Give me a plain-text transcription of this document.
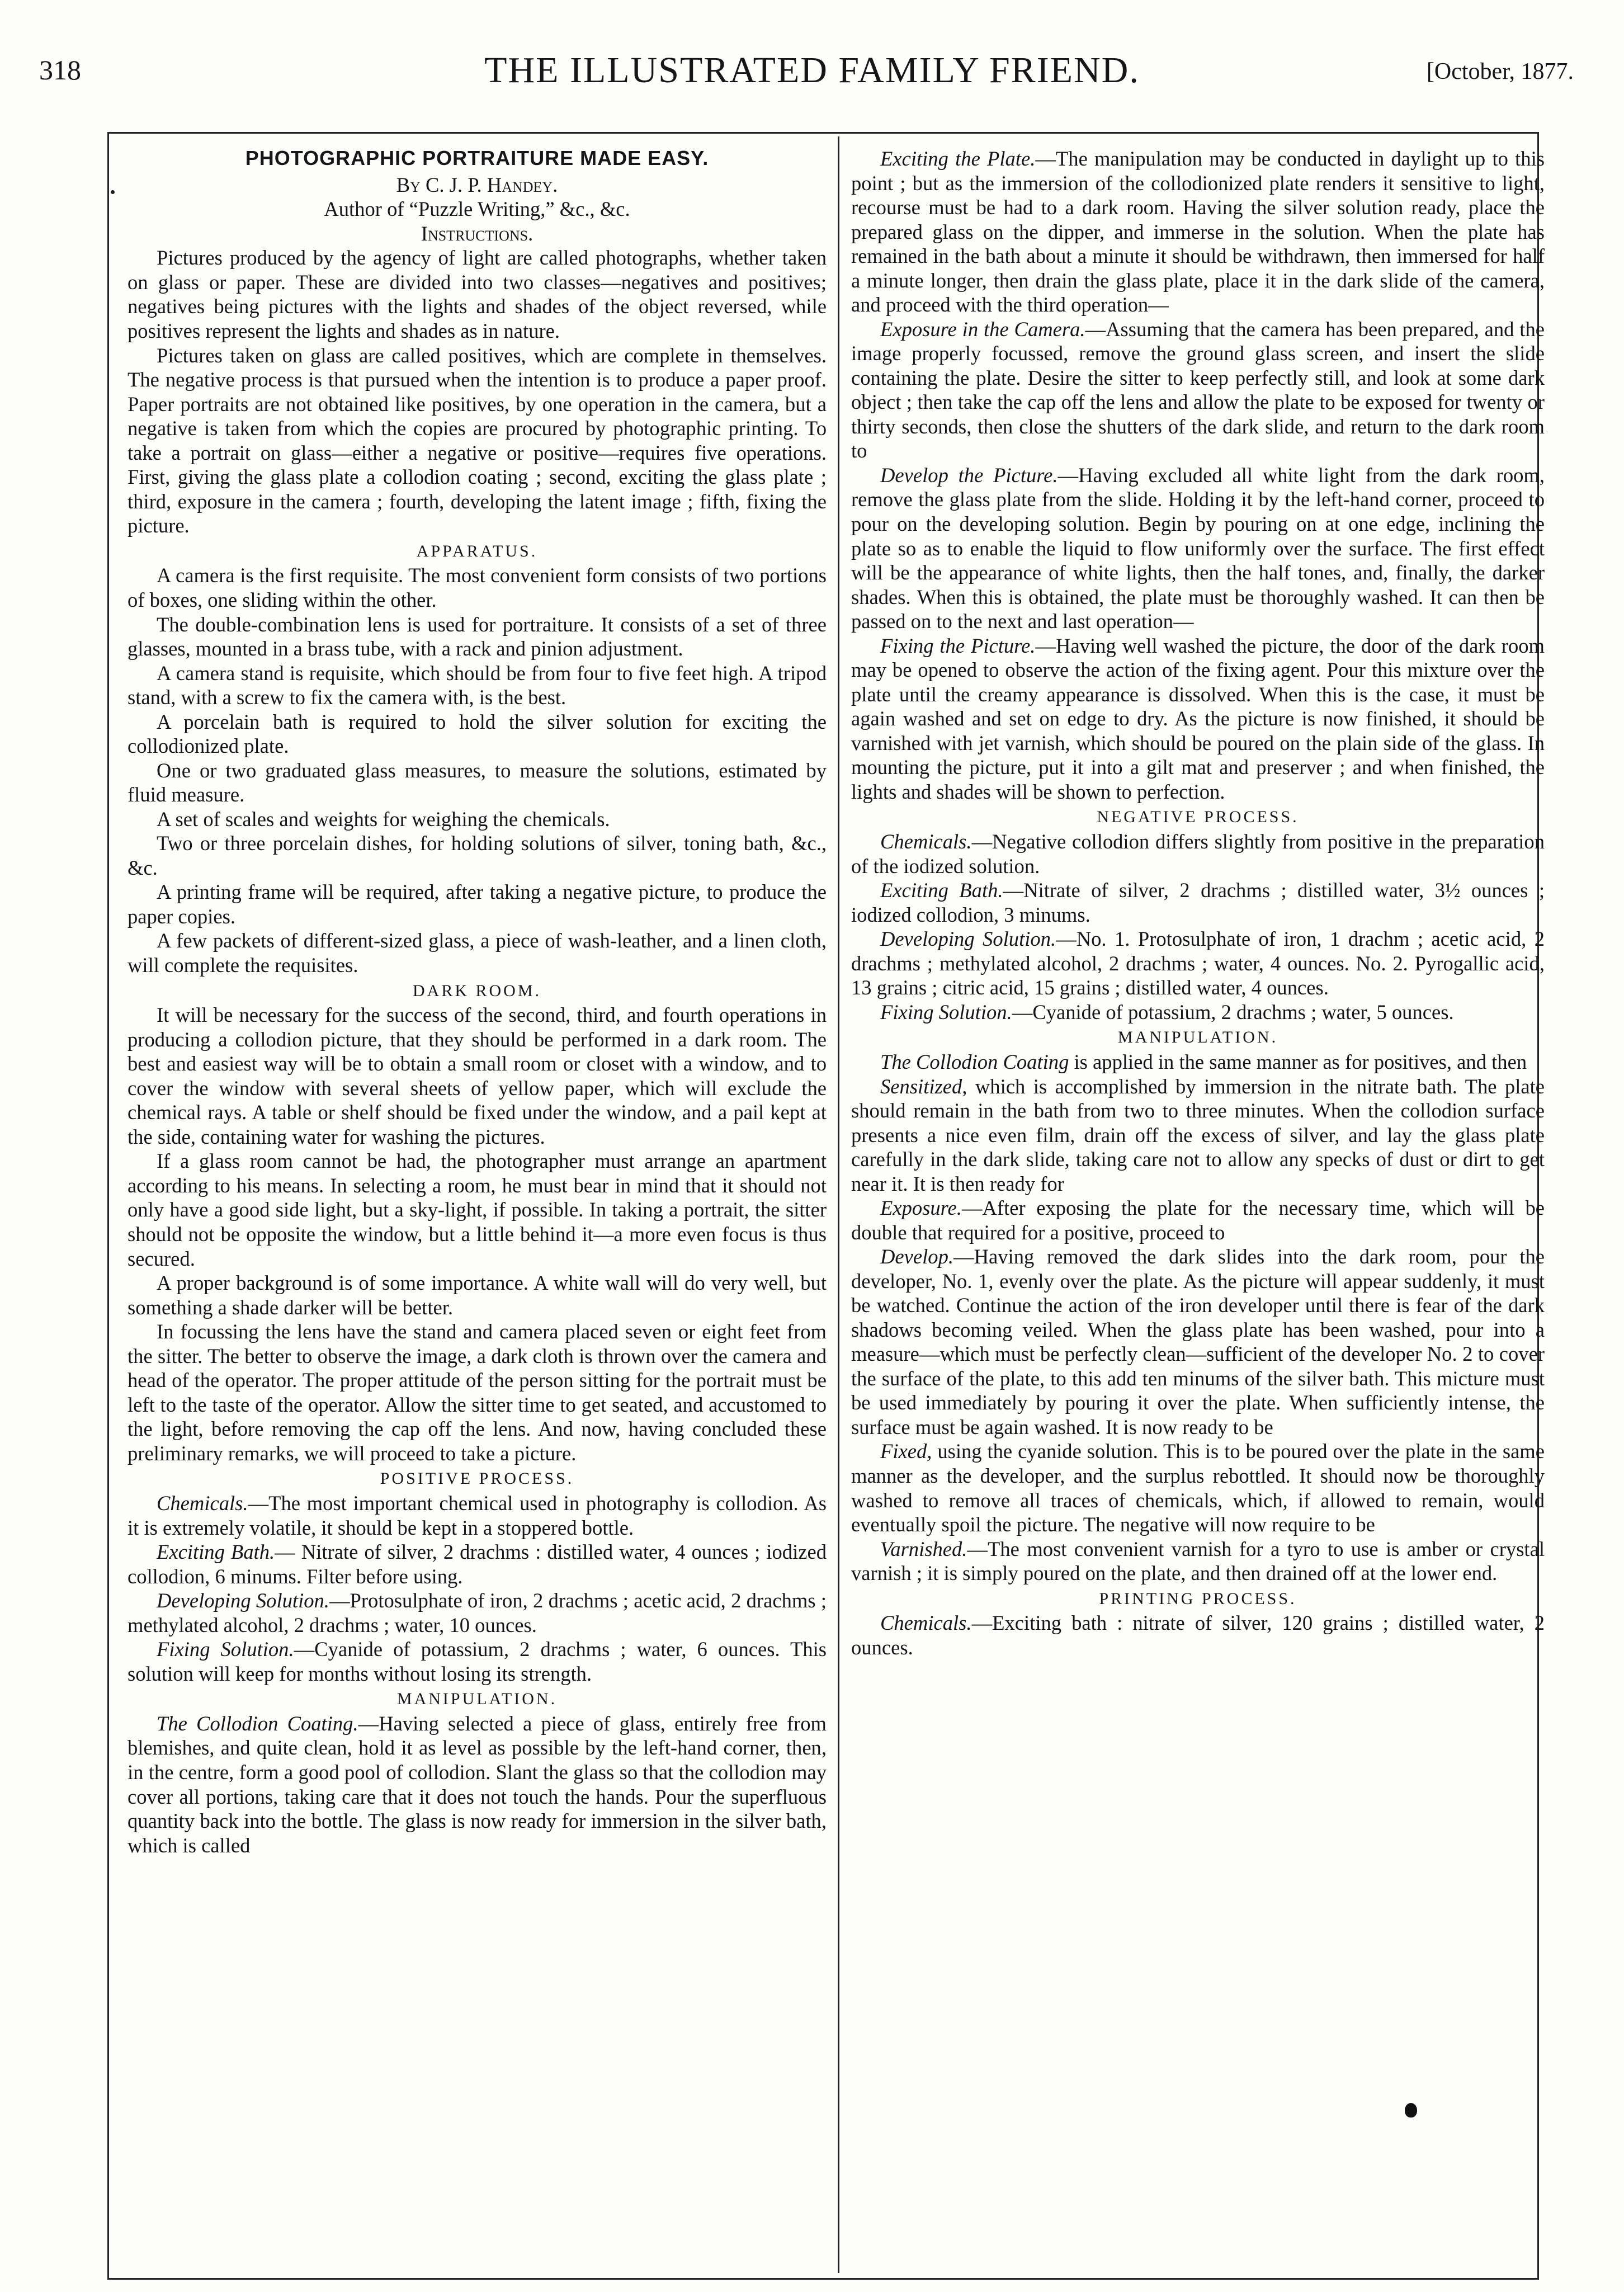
318	THE ILLUSTRATED FAMILY FRIEND.	[October, 1877.
PHOTOGRAPHIC PORTRAITURE MADE EASY.

By C. J. P. Handey.

Author of “Puzzle Writing,” &c., &c.

Instructions.

Pictures produced by the agency of light are called photographs, whether taken on glass or paper. These are divided into two classes—negatives and positives; negatives being pictures with the lights and shades of the object reversed, while positives represent the lights and shades as in nature.

Pictures taken on glass are called positives, which are complete in themselves. The negative process is that pursued when the intention is to produce a paper proof. Paper portraits are not obtained like positives, by one operation in the camera, but a negative is taken from which the copies are procured by photographic printing. To take a portrait on glass—either a negative or positive—requires five operations. First, giving the glass plate a collodion coating ; second, exciting the glass plate ; third, exposure in the camera ; fourth, developing the latent image ; fifth, fixing the picture.

APPARATUS.

A camera is the first requisite. The most convenient form consists of two portions of boxes, one sliding within the other.

The double-combination lens is used for portraiture. It consists of a set of three glasses, mounted in a brass tube, with a rack and pinion adjustment.

A camera stand is requisite, which should be from four to five feet high. A tripod stand, with a screw to fix the camera with, is the best.

A porcelain bath is required to hold the silver solution for exciting the collodionized plate.

One or two graduated glass measures, to measure the solutions, estimated by fluid measure.

A set of scales and weights for weighing the chemicals.

Two or three porcelain dishes, for holding solutions of silver, toning bath, &c., &c.

A printing frame will be required, after taking a negative picture, to produce the paper copies.

A few packets of different-sized glass, a piece of wash-leather, and a linen cloth, will complete the requisites.

DARK ROOM.

It will be necessary for the success of the second, third, and fourth operations in producing a collodion picture, that they should be performed in a dark room. The best and easiest way will be to obtain a small room or closet with a window, and to cover the window with several sheets of yellow paper, which will exclude the chemical rays. A table or shelf should be fixed under the window, and a pail kept at the side, containing water for washing the pictures.

If a glass room cannot be had, the photographer must arrange an apartment according to his means. In selecting a room, he must bear in mind that it should not only have a good side light, but a sky-light, if possible. In taking a portrait, the sitter should not be opposite the window, but a little behind it—a more even focus is thus secured.

A proper background is of some importance. A white wall will do very well, but something a shade darker will be better.

In focussing the lens have the stand and camera placed seven or eight feet from the sitter. The better to observe the image, a dark cloth is thrown over the camera and head of the operator. The proper attitude of the person sitting for the portrait must be left to the taste of the operator. Allow the sitter time to get seated, and accustomed to the light, before removing the cap off the lens. And now, having concluded these preliminary remarks, we will proceed to take a picture.

POSITIVE PROCESS.

Chemicals.—The most important chemical used in photography is collodion. As it is extremely volatile, it should be kept in a stoppered bottle.

Exciting Bath.— Nitrate of silver, 2 drachms : distilled water, 4 ounces ; iodized collodion, 6 minums. Filter before using.

Developing Solution.—Protosulphate of iron, 2 drachms ; acetic acid, 2 drachms ; methylated alcohol, 2 drachms ; water, 10 ounces.

Fixing Solution.—Cyanide of potassium, 2 drachms ; water, 6 ounces. This solution will keep for months without losing its strength.

MANIPULATION.

The Collodion Coating.—Having selected a piece of glass, entirely free from blemishes, and quite clean, hold it as level as possible by the left-hand corner, then, in the centre, form a good pool of collodion. Slant the glass so that the collodion may cover all portions, taking care that it does not touch the hands. Pour the superfluous quantity back into the bottle. The glass is now ready for immersion in the silver bath, which is called

Exciting the Plate.—The manipulation may be conducted in daylight up to this point ; but as the immersion of the collodionized plate renders it sensitive to light, recourse must be had to a dark room. Having the silver solution ready, place the prepared glass on the dipper, and immerse in the solution. When the plate has remained in the bath about a minute it should be withdrawn, then immersed for half a minute longer, then drain the glass plate, place it in the dark slide of the camera, and proceed with the third operation—

Exposure in the Camera.—Assuming that the camera has been prepared, and the image properly focussed, remove the ground glass screen, and insert the slide containing the plate. Desire the sitter to keep perfectly still, and look at some dark object ; then take the cap off the lens and allow the plate to be exposed for twenty or thirty seconds, then close the shutters of the dark slide, and return to the dark room to

Develop the Picture.—Having excluded all white light from the dark room, remove the glass plate from the slide. Holding it by the left-hand corner, proceed to pour on the developing solution. Begin by pouring on at one edge, inclining the plate so as to enable the liquid to flow uniformly over the surface. The first effect will be the appearance of white lights, then the half tones, and, finally, the darker shades. When this is obtained, the plate must be thoroughly washed. It can then be passed on to the next and last operation—

Fixing the Picture.—Having well washed the picture, the door of the dark room may be opened to observe the action of the fixing agent. Pour this mixture over the plate until the creamy appearance is dissolved. When this is the case, it must be again washed and set on edge to dry. As the picture is now finished, it should be varnished with jet varnish, which should be poured on the plain side of the glass. In mounting the picture, put it into a gilt mat and preserver ; and when finished, the lights and shades will be shown to perfection.

NEGATIVE PROCESS.

Chemicals.—Negative collodion differs slightly from positive in the preparation of the iodized solution.

Exciting Bath.—Nitrate of silver, 2 drachms ; distilled water, 3½ ounces ; iodized collodion, 3 minums.

Developing Solution.—No. 1. Protosulphate of iron, 1 drachm ; acetic acid, 2 drachms ; methylated alcohol, 2 drachms ; water, 4 ounces. No. 2. Pyrogallic acid, 13 grains ; citric acid, 15 grains ; distilled water, 4 ounces.

Fixing Solution.—Cyanide of potassium, 2 drachms ; water, 5 ounces.

MANIPULATION.

The Collodion Coating is applied in the same manner as for positives, and then

Sensitized, which is accomplished by immersion in the nitrate bath. The plate should remain in the bath from two to three minutes. When the collodion surface presents a nice even film, drain off the excess of silver, and lay the glass plate carefully in the dark slide, taking care not to allow any specks of dust or dirt to get near it. It is then ready for

Exposure.—After exposing the plate for the necessary time, which will be double that required for a positive, proceed to

Develop.—Having removed the dark slides into the dark room, pour the developer, No. 1, evenly over the plate. As the picture will appear suddenly, it must be watched. Continue the action of the iron developer until there is fear of the dark shadows becoming veiled. When the glass plate has been washed, pour into a measure—which must be perfectly clean—sufficient of the developer No. 2 to cover the surface of the plate, to this add ten minums of the silver bath. This micture must be used immediately by pouring it over the plate. When sufficiently intense, the surface must be again washed. It is now ready to be

Fixed, using the cyanide solution. This is to be poured over the plate in the same manner as the developer, and the surplus rebottled. It should now be thoroughly washed to remove all traces of chemicals, which, if allowed to remain, would eventually spoil the picture. The negative will now require to be

Varnished.—The most convenient varnish for a tyro to use is amber or crystal varnish ; it is simply poured on the plate, and then drained off at the lower end.

PRINTING PROCESS.

Chemicals.—Exciting bath : nitrate of silver, 120 grains ; distilled water, 2 ounces.
